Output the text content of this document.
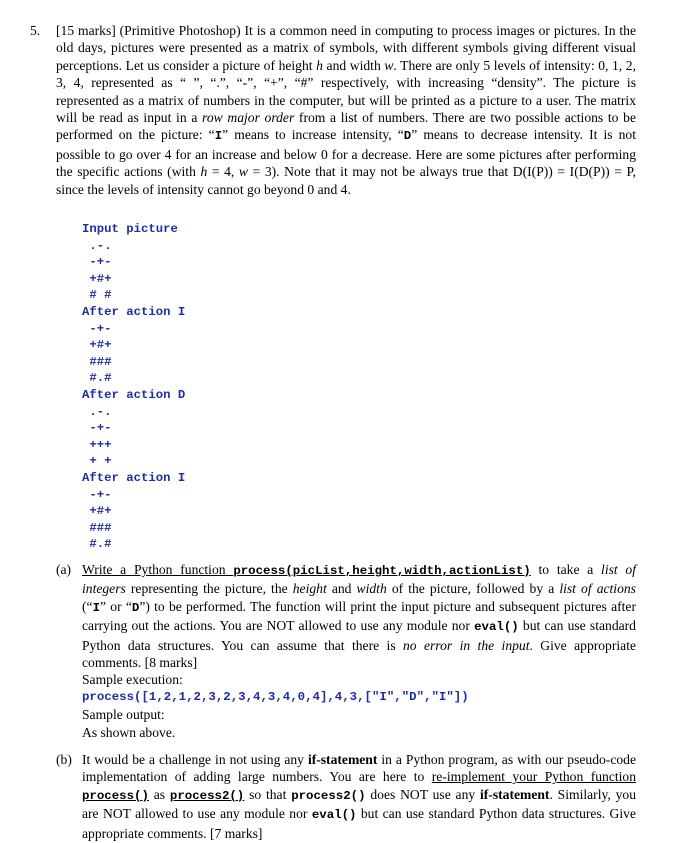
5. [15 marks] (Primitive Photoshop) It is a common need in computing to process images or pictures. In the old days, pictures were presented as a matrix of symbols, with different symbols giving different visual perceptions. Let us consider a picture of height h and width w. There are only 5 levels of intensity: 0, 1, 2, 3, 4, represented as “ ”, “.”, “-”, “+”, “#” respectively, with increasing “density”. The picture is represented as a matrix of numbers in the computer, but will be printed as a picture to a user. The matrix will be read as input in a row major order from a list of numbers. There are two possible actions to be performed on the picture: “I” means to increase intensity, “D” means to decrease intensity. It is not possible to go over 4 for an increase and below 0 for a decrease. Here are some pictures after performing the specific actions (with h = 4, w = 3). Note that it may not be always true that D(I(P)) = I(D(P)) = P, since the levels of intensity cannot go beyond 0 and 4.

Input picture
.-.
-+-
+#+
# #
After action I
-+-
+#+
###
#.#
After action D
.-.
-+-
+++
+ +
After action I
-+-
+#+
###
#.#
(a) Write a Python function process(picList,height,width,actionList) to take a list of integers representing the picture, the height and width of the picture, followed by a list of actions (“I” or “D”) to be performed. The function will print the input picture and subsequent pictures after carrying out the actions. You are NOT allowed to use any module nor eval() but can use standard Python data structures. You can assume that there is no error in the input. Give appropriate comments. [8 marks]
Sample execution:
process([1,2,1,2,3,2,3,4,3,4,0,4],4,3,["I","D","I"])
Sample output:
As shown above.
(b) It would be a challenge in not using any if-statement in a Python program, as with our pseudo-code implementation of adding large numbers. You are here to re-implement your Python function process() as process2() so that process2() does NOT use any if-statement. Similarly, you are NOT allowed to use any module nor eval() but can use standard Python data structures. Give appropriate comments. [7 marks]
